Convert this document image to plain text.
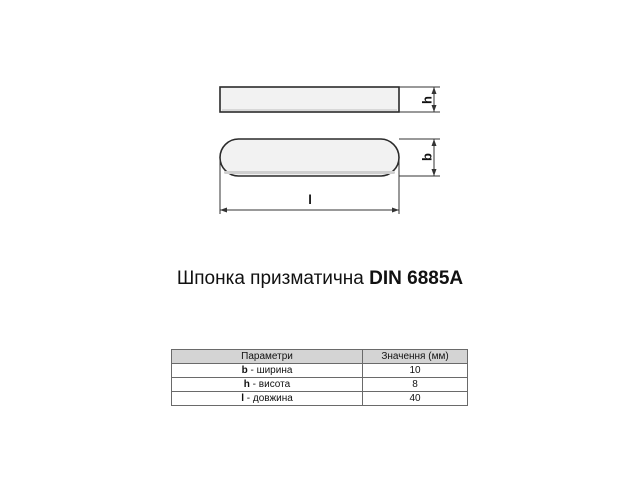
h
b
l
Шпонка призматична DIN 6885A
Параметри	Значення (мм)
b - ширина	10
h - висота	8
l - довжина	40
